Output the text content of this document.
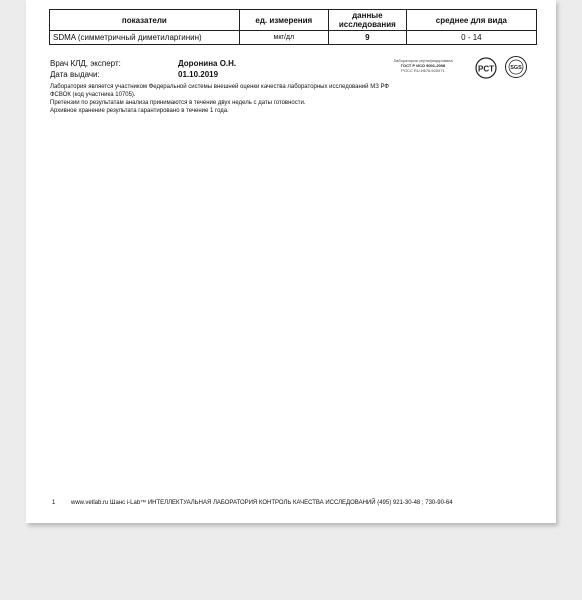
показатели	ед. измерения	данные исследования	среднее для вида
SDMA (симметричный диметиларгинин)	мкг/дл	9	0 - 14
Врач КЛД, эксперт:	Доронина О.Н.
Дата выдачи:	01.10.2019
Лаборатория является участником Федеральной системы внешней оценки качества лабораторных исследований МЗ РФ
ФСВОК (код участника 10705).
Претензии по результатам анализа принимаются в течение двух недель с даты готовности.
Архивное хранение результата гарантировано в течение 1 года.
Лаборатория сертифицирована
ГОСТ Р ИСО 9001-2008
РОСС RU.И676.600071	PCT	SGS
1	www.vetlab.ru Шанс i-Lab™ ИНТЕЛЛЕКТУАЛЬНАЯ ЛАБОРАТОРИЯ КОНТРОЛЬ КАЧЕСТВА ИССЛЕДОВАНИЙ (495) 921-30-48 ; 730-90-64
